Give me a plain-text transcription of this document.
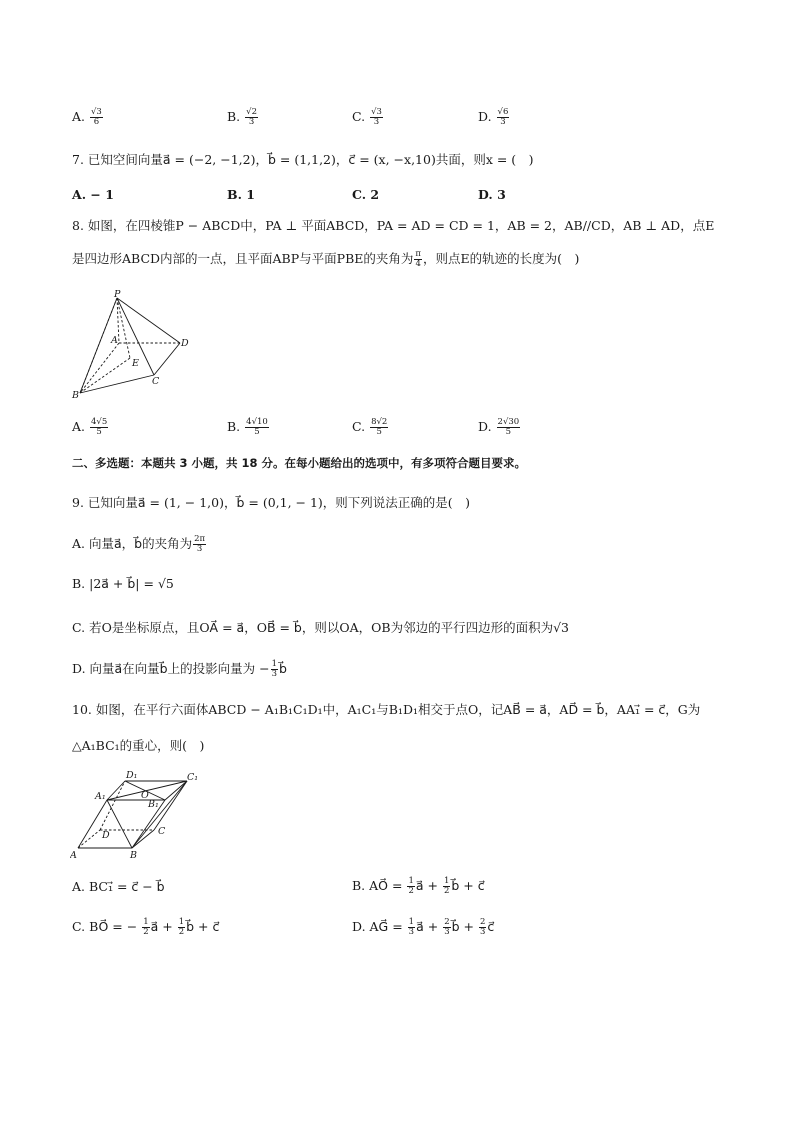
A. $\frac{√3}{6}$	B. $\frac{√2}{3}$	C. $\frac{√3}{3}$	D. $\frac{√6}{3}$
7. 已知空间向量a⃗ = (−2, −1,2)，b⃗ = (1,1,2)，c⃗ = (x, −x,10)共面，则x = (　)
A. − 1	B. 1	C. 2	D. 3
8. 如图，在四棱锥P − ABCD中，PA ⊥ 平面ABCD，PA = AD = CD = 1，AB = 2，AB//CD，AB ⊥ AD，点E
是四边形ABCD内部的一点，且平面ABP与平面PBE的夹角为 $\frac{\pi}{4}$ ，则点E的轨迹的长度为(　)
P
A
B
C
D
E
A. $\frac{4√5}{5}$	B. $\frac{4√10}{5}$	C. $\frac{8√2}{5}$	D. $\frac{2√30}{5}$
二、多选题：本题共 3 小题，共 18 分。在每小题给出的选项中，有多项符合题目要求。
9. 已知向量a⃗ = (1, − 1,0)，b⃗ = (0,1, − 1)，则下列说法正确的是(　)
A. 向量a⃗，b⃗的夹角为 $\frac{2\pi}{3}$
B. |2a⃗ + b⃗| = √5
C. 若O是坐标原点，且OA⃗ = a⃗，OB⃗ = b⃗，则以OA，OB为邻边的平行四边形的面积为√3
D. 向量a⃗在向量b⃗上的投影向量为 − $\frac{1}{3}$ b⃗
10. 如图，在平行六面体ABCD − A₁B₁C₁D₁中，A₁C₁与B₁D₁相交于点O，记AB⃗ = a⃗，AD⃗ = b⃗，AA₁⃗ = c⃗，G为
△A₁BC₁的重心，则(　)
A	B
C
D
A₁
B₁
C₁
D₁
O
A. BC₁⃗ = c⃗ − b⃗	B. AO⃗ = $\frac{1}{2}$ a⃗ + $\frac{1}{2}$ b⃗ + c⃗
C. BO⃗ = − $\frac{1}{2}$ a⃗ + $\frac{1}{2}$ b⃗ + c⃗	D. AG⃗ = $\frac{1}{3}$ a⃗ + $\frac{2}{3}$ b⃗ + $\frac{2}{3}$ c⃗
